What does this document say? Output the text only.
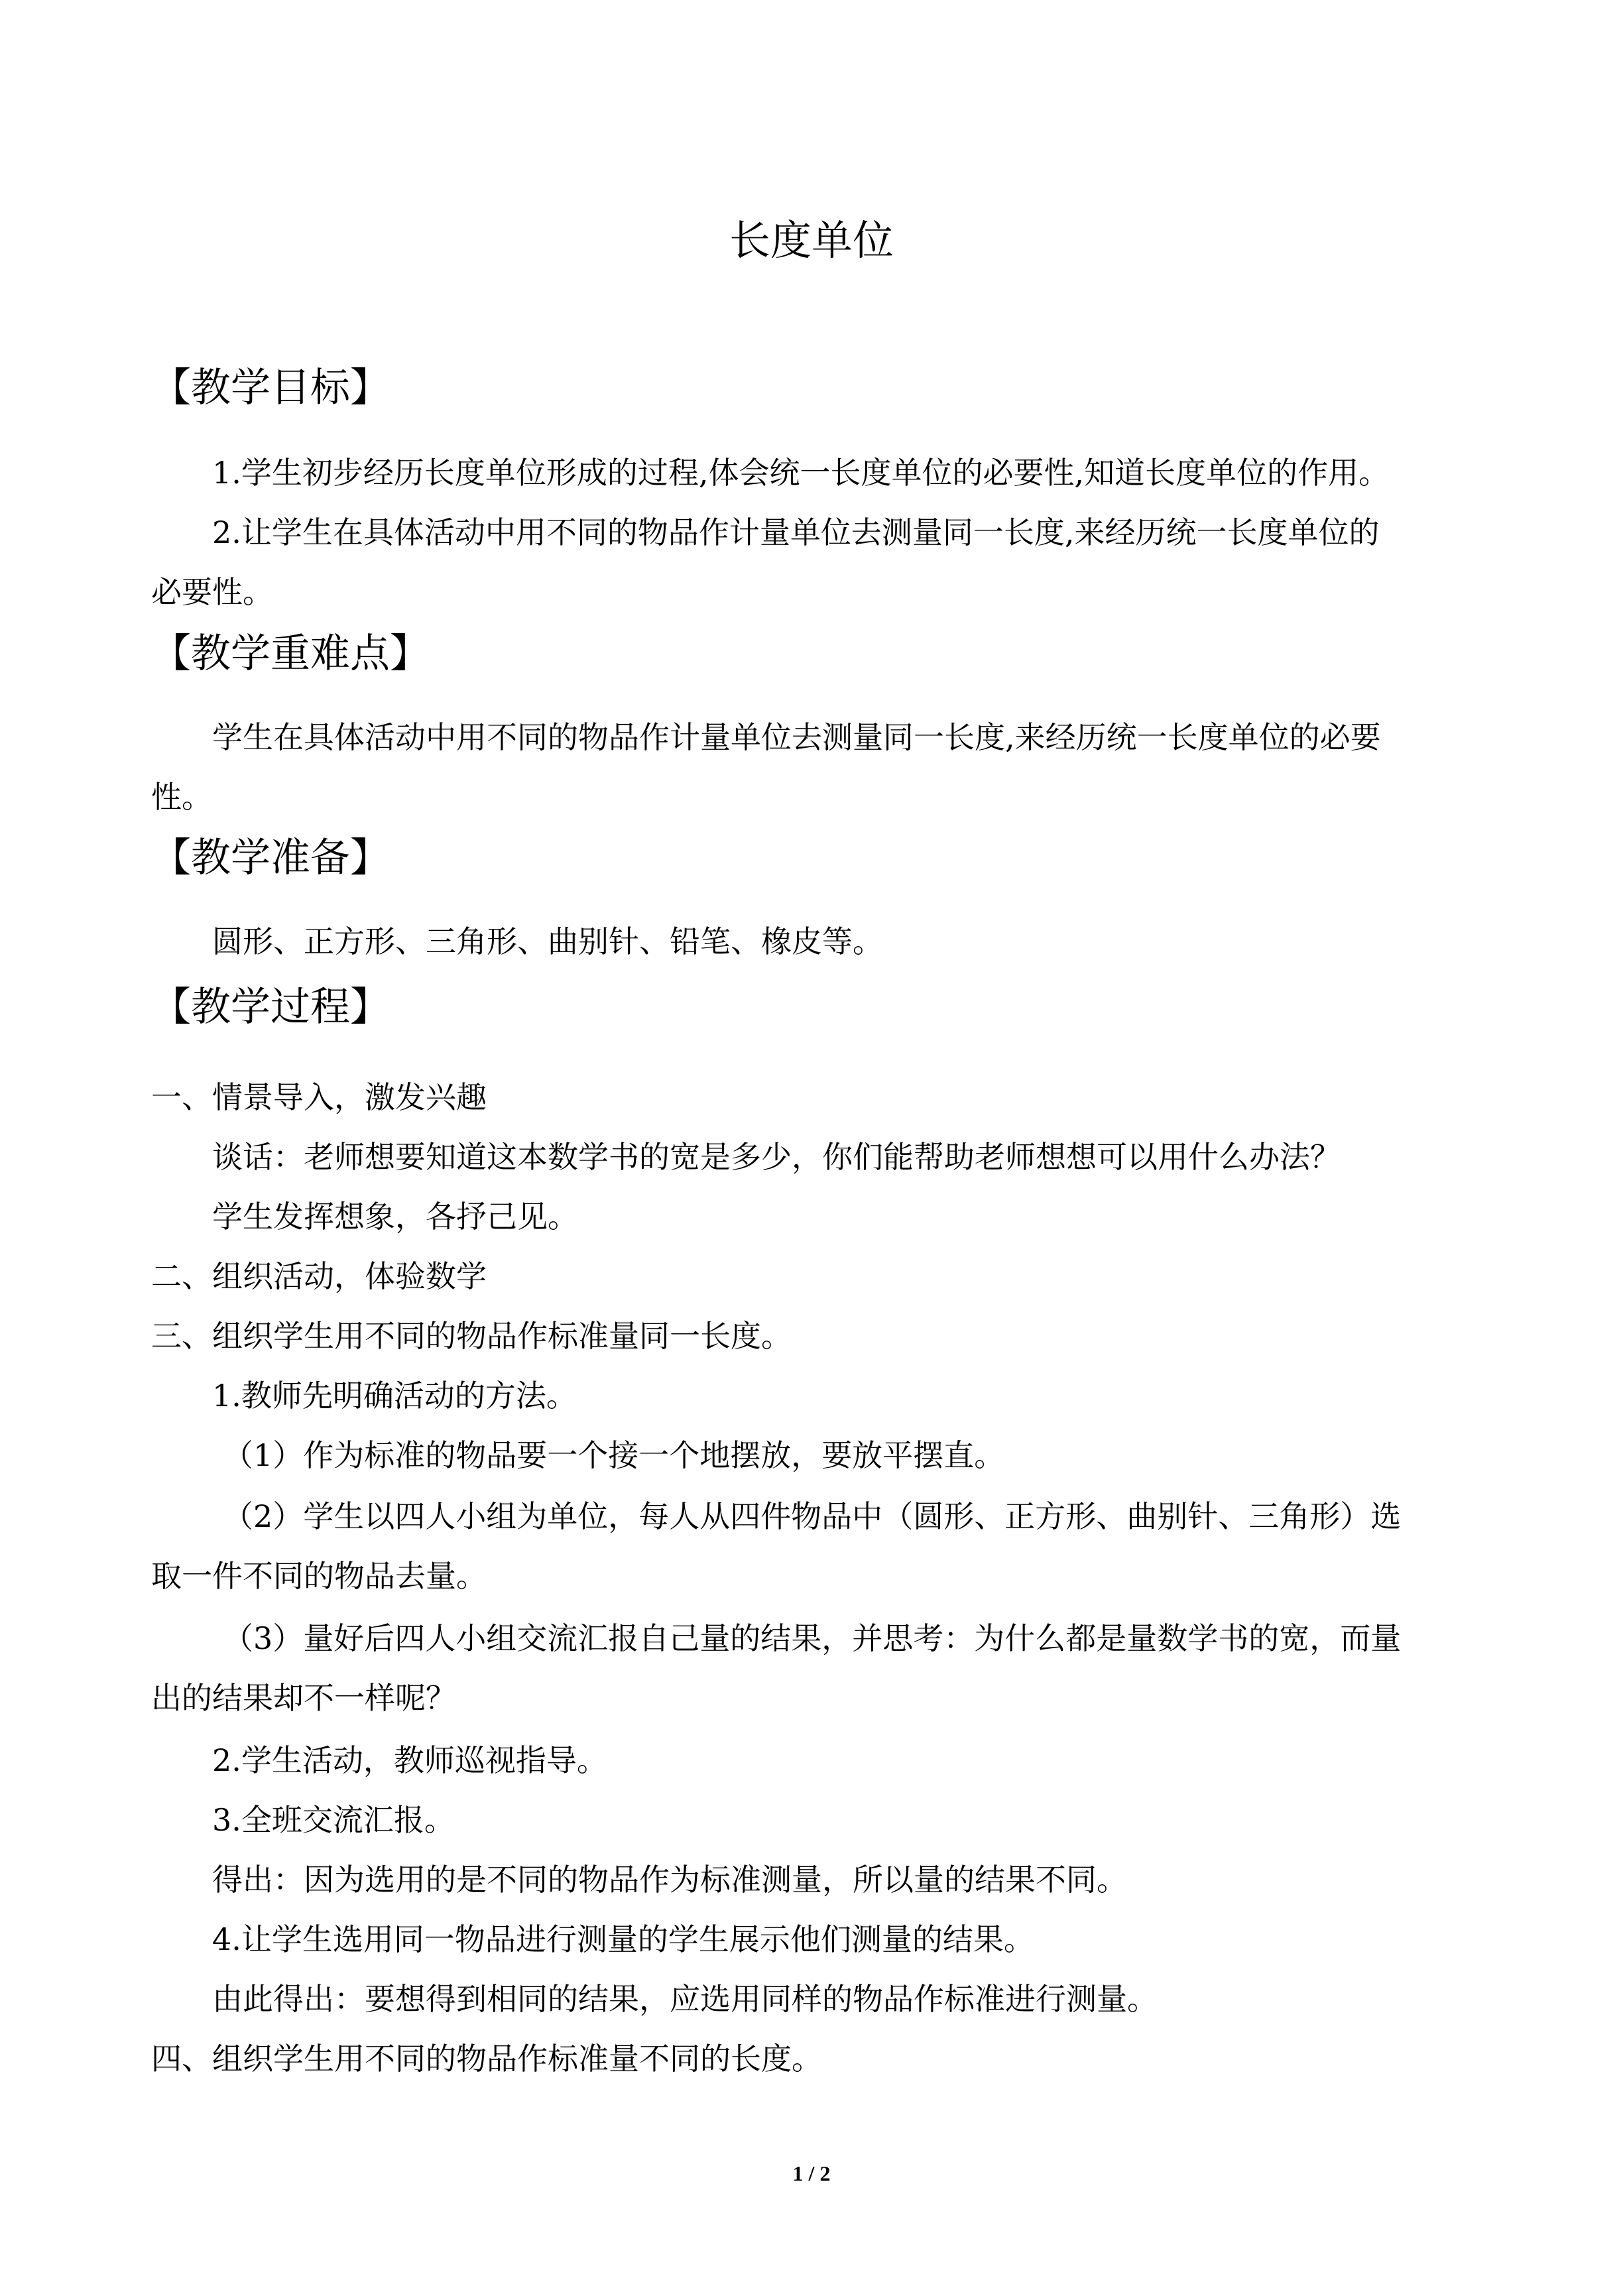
长度单位
【教学目标】
1.学生初步经历长度单位形成的过程,体会统一长度单位的必要性,知道长度单位的作用。
2.让学生在具体活动中用不同的物品作计量单位去测量同一长度,来经历统一长度单位的
必要性。
【教学重难点】
学生在具体活动中用不同的物品作计量单位去测量同一长度,来经历统一长度单位的必要
性。
【教学准备】
圆形、正方形、三角形、曲别针、铅笔、橡皮等。
【教学过程】
一、情景导入，激发兴趣
谈话：老师想要知道这本数学书的宽是多少，你们能帮助老师想想可以用什么办法？
学生发挥想象，各抒己见。
二、组织活动，体验数学
三、组织学生用不同的物品作标准量同一长度。
1.教师先明确活动的方法。
（1）作为标准的物品要一个接一个地摆放，要放平摆直。
（2）学生以四人小组为单位，每人从四件物品中（圆形、正方形、曲别针、三角形）选
取一件不同的物品去量。
（3）量好后四人小组交流汇报自己量的结果，并思考：为什么都是量数学书的宽，而量
出的结果却不一样呢？
2.学生活动，教师巡视指导。
3.全班交流汇报。
得出：因为选用的是不同的物品作为标准测量，所以量的结果不同。
4.让学生选用同一物品进行测量的学生展示他们测量的结果。
由此得出：要想得到相同的结果，应选用同样的物品作标准进行测量。
四、组织学生用不同的物品作标准量不同的长度。
1 / 2
